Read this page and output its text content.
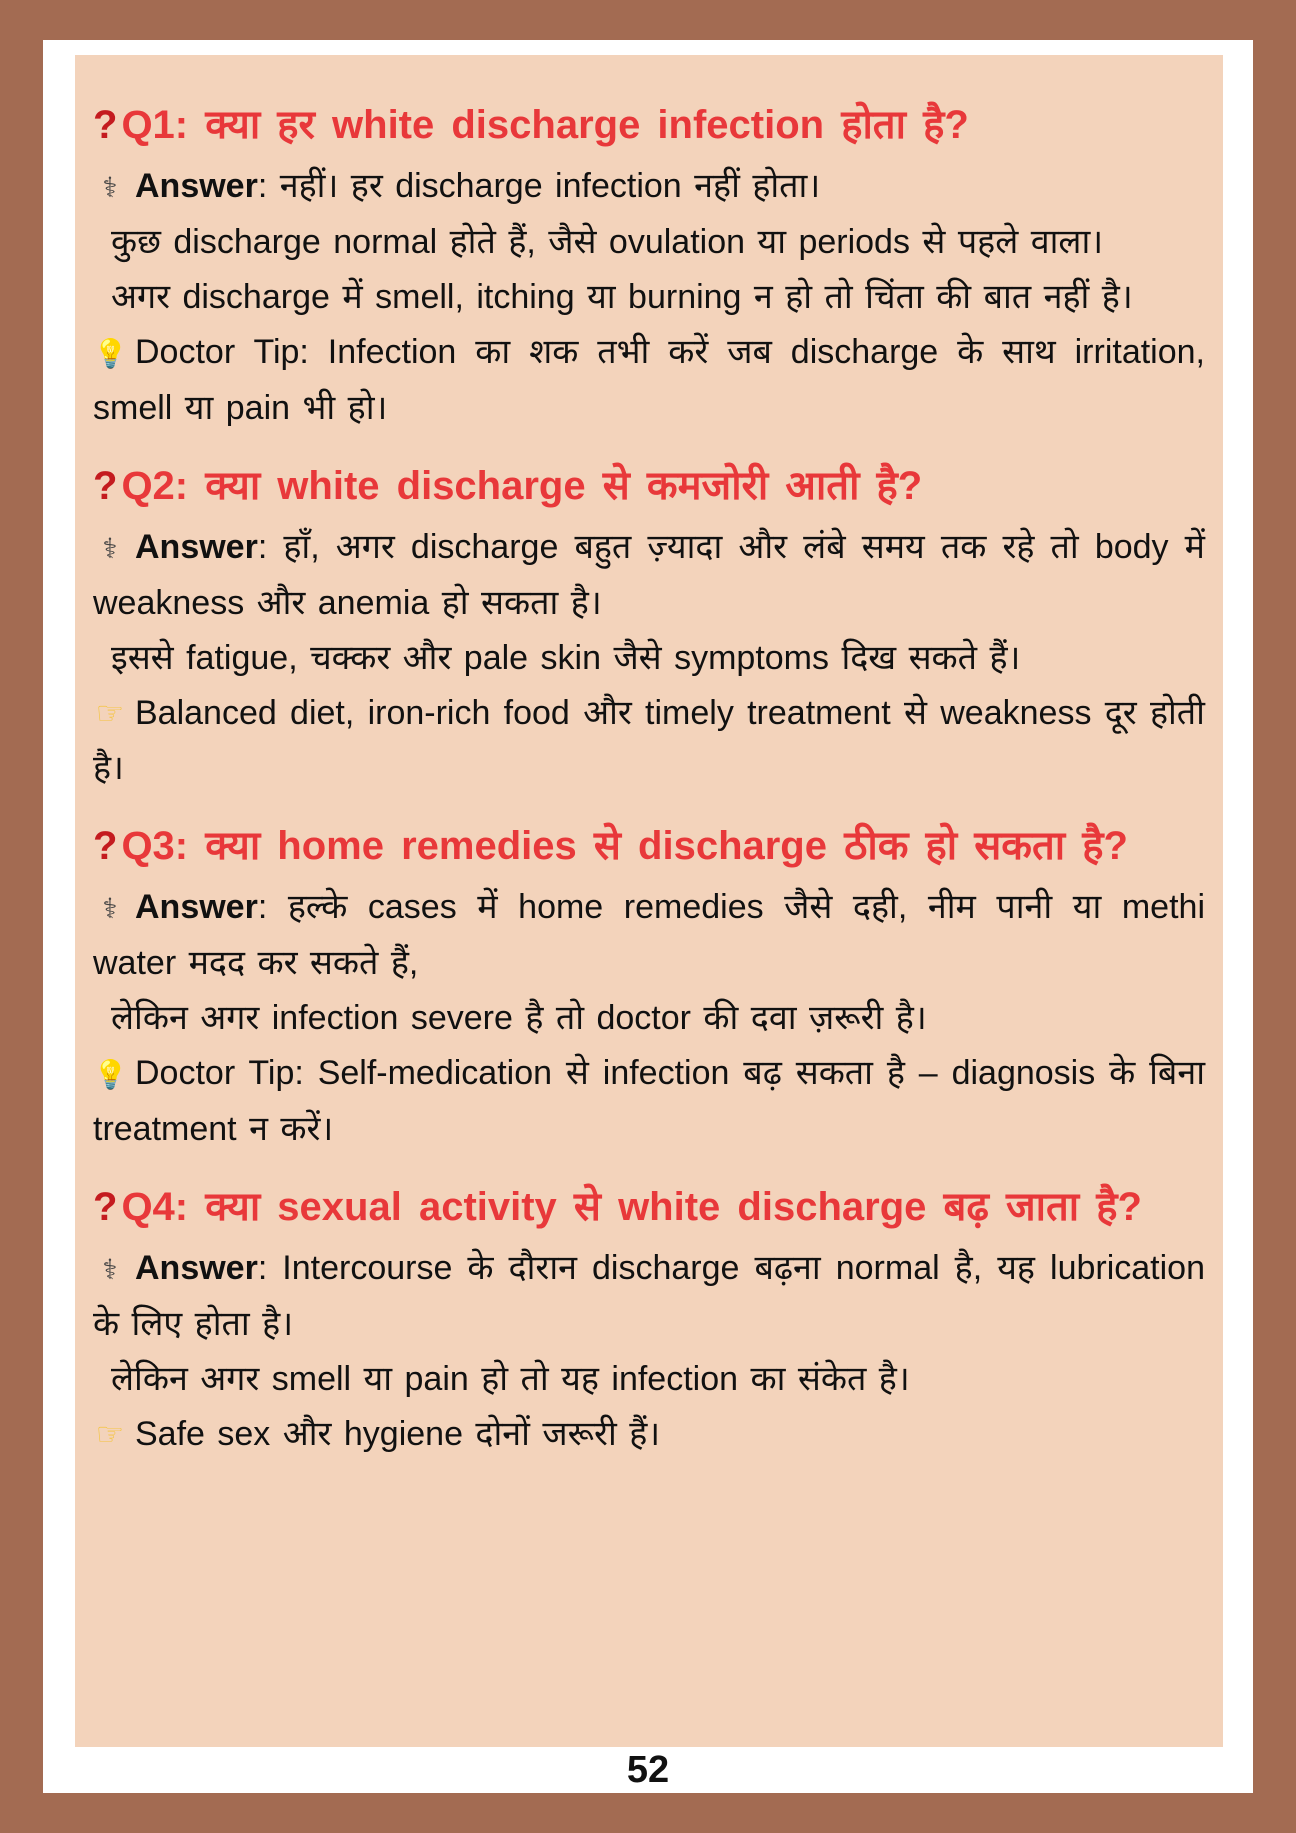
? Q1: क्या हर white discharge infection होता है?

⚕ Answer: नहीं। हर discharge infection नहीं होता।

कुछ discharge normal होते हैं, जैसे ovulation या periods से पहले वाला।

अगर discharge में smell, itching या burning न हो तो चिंता की बात नहीं है।

💡 Doctor Tip: Infection का शक तभी करें जब discharge के साथ irritation, smell या pain भी हो।

? Q2: क्या white discharge से कमजोरी आती है?

⚕ Answer: हाँ, अगर discharge बहुत ज़्यादा और लंबे समय तक रहे तो body में weakness और anemia हो सकता है।

इससे fatigue, चक्कर और pale skin जैसे symptoms दिख सकते हैं।

☞ Balanced diet, iron-rich food और timely treatment से weakness दूर होती है।

? Q3: क्या home remedies से discharge ठीक हो सकता है?

⚕ Answer: हल्के cases में home remedies जैसे दही, नीम पानी या methi water मदद कर सकते हैं,

लेकिन अगर infection severe है तो doctor की दवा ज़रूरी है।

💡 Doctor Tip: Self-medication से infection बढ़ सकता है – diagnosis के बिना treatment न करें।

? Q4: क्या sexual activity से white discharge बढ़ जाता है?

⚕ Answer: Intercourse के दौरान discharge बढ़ना normal है, यह lubrication के लिए होता है।

लेकिन अगर smell या pain हो तो यह infection का संकेत है।

☞ Safe sex और hygiene दोनों जरूरी हैं।

52
